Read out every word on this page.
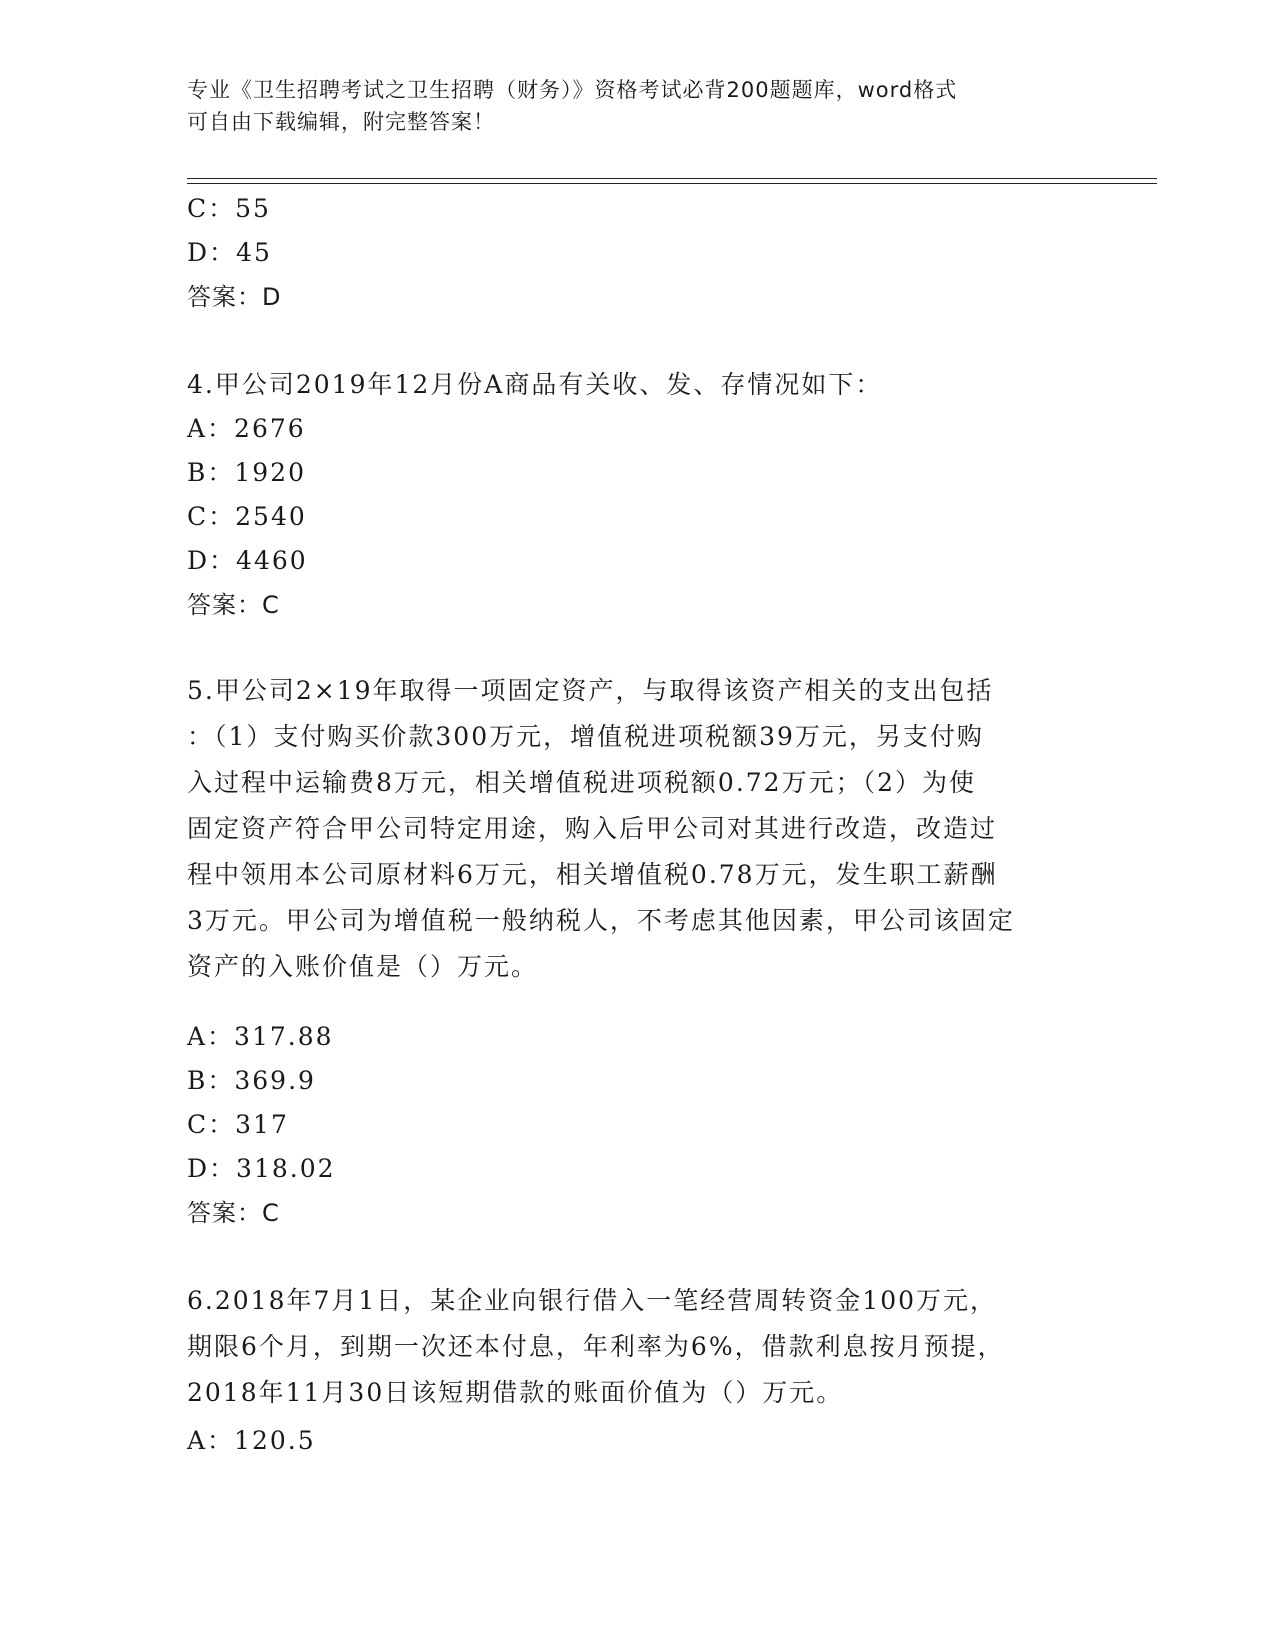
专业《卫生招聘考试之卫生招聘（财务）》资格考试必背200题题库，word格式
可自由下载编辑，附完整答案！
C：55
D：45
答案：D
4.甲公司2019年12月份A商品有关收、发、存情况如下：
A：2676
B：1920
C：2540
D：4460
答案：C
5.甲公司2×19年取得一项固定资产，与取得该资产相关的支出包括
：（1）支付购买价款300万元，增值税进项税额39万元，另支付购
入过程中运输费8万元，相关增值税进项税额0.72万元；（2）为使
固定资产符合甲公司特定用途，购入后甲公司对其进行改造，改造过
程中领用本公司原材料6万元，相关增值税0.78万元，发生职工薪酬
3万元。甲公司为增值税一般纳税人，不考虑其他因素，甲公司该固定
资产的入账价值是（）万元。
A：317.88
B：369.9
C：317
D：318.02
答案：C
6.2018年7月1日，某企业向银行借入一笔经营周转资金100万元，
期限6个月，到期一次还本付息，年利率为6%，借款利息按月预提，
2018年11月30日该短期借款的账面价值为（）万元。
A：120.5
